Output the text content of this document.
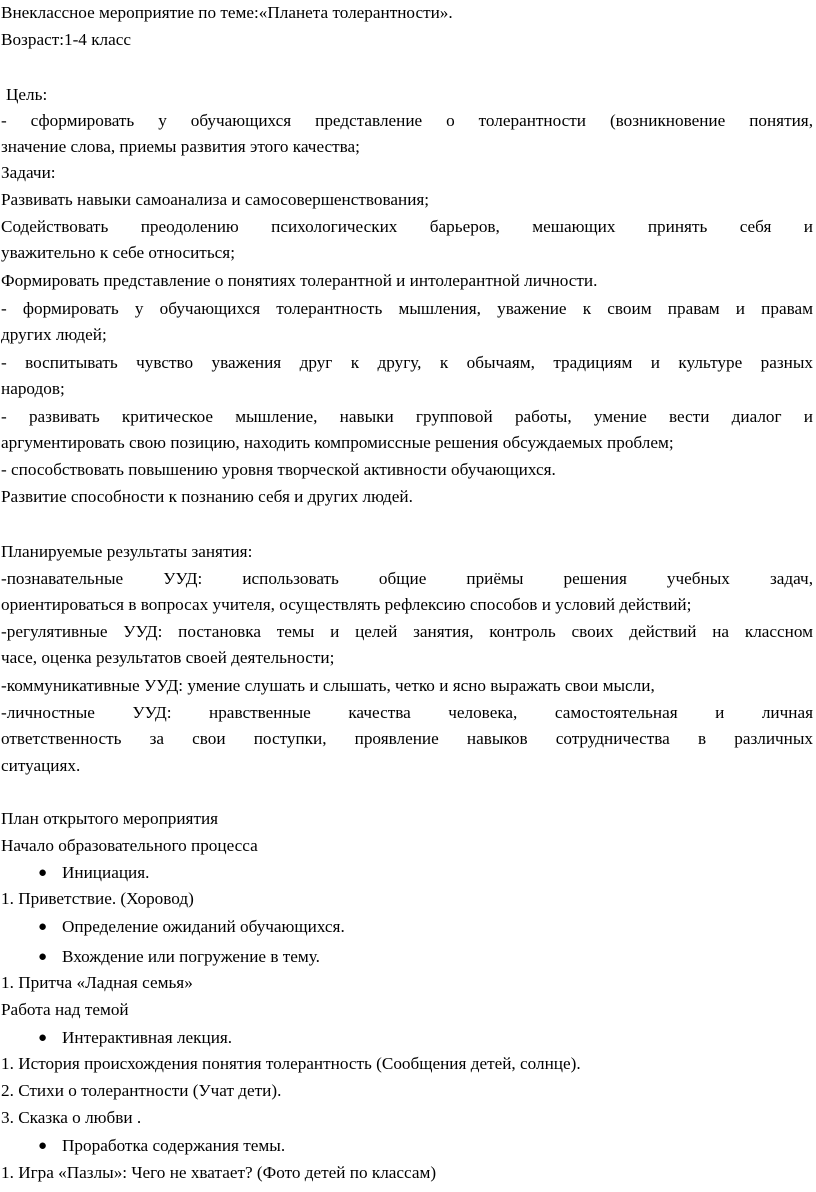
Внеклассное мероприятие по теме:«Планета толерантности».
Возраст:1-4 класс
Цель:
- сформировать у обучающихся представление о толерантности (возникновение понятия,
значение слова, приемы развития этого качества;
Задачи:
Развивать навыки самоанализа и самосовершенствования;
Содействовать преодолению психологических барьеров, мешающих принять себя и
уважительно к себе относиться;
Формировать представление о понятиях толерантной и интолерантной личности.
- формировать у обучающихся толерантность мышления, уважение к своим правам и правам
других людей;
- воспитывать чувство уважения друг к другу, к обычаям, традициям и культуре разных
народов;
- развивать критическое мышление, навыки групповой работы, умение вести диалог и
аргументировать свою позицию, находить компромиссные решения обсуждаемых проблем;
- способствовать повышению уровня творческой активности обучающихся.
Развитие способности к познанию себя и других людей.
Планируемые результаты занятия:
-познавательные УУД: использовать общие приёмы решения учебных задач,
ориентироваться в вопросах учителя, осуществлять рефлексию способов и условий действий;
-регулятивные УУД: постановка темы и целей занятия, контроль своих действий на классном
часе, оценка результатов своей деятельности;
-коммуникативные УУД: умение слушать и слышать, четко и ясно выражать свои мысли,
-личностные УУД: нравственные качества человека, самостоятельная и личная
ответственность за свои поступки, проявление навыков сотрудничества в различных
ситуациях.
План открытого мероприятия
Начало образовательного процесса
● Инициация.
1. Приветствие. (Хоровод)
● Определение ожиданий обучающихся.
● Вхождение или погружение в тему.
1. Притча «Ладная семья»
Работа над темой
● Интерактивная лекция.
1. История происхождения понятия толерантность (Сообщения детей, солнце).
2. Стихи о толерантности (Учат дети).
3. Сказка о любви .
● Проработка содержания темы.
1. Игра «Пазлы»: Чего не хватает? (Фото детей по классам)
